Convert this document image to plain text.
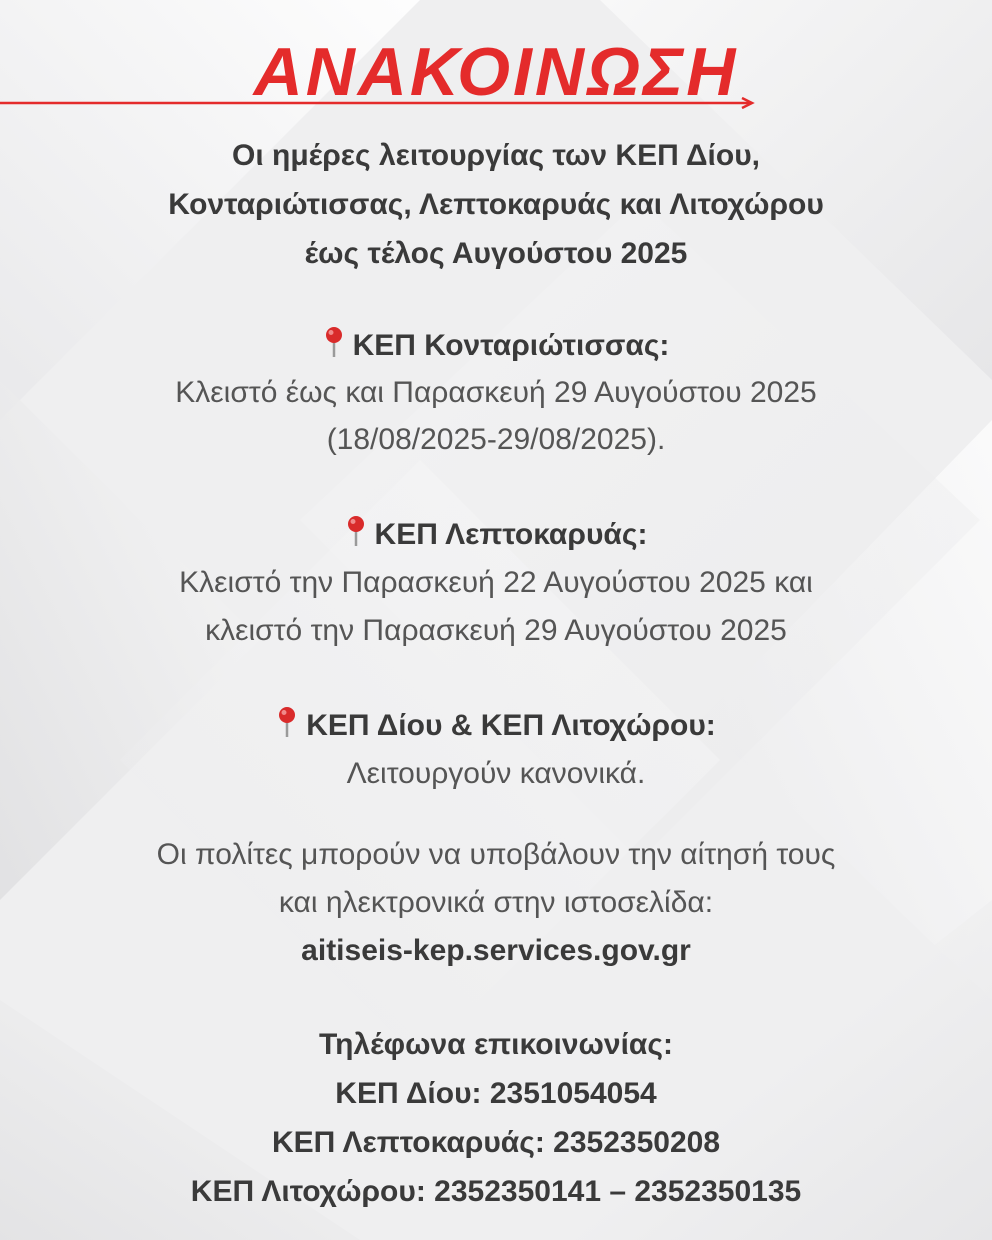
ΑΝΑΚΟΙΝΩΣΗ
Οι ημέρες λειτουργίας των ΚΕΠ Δίου,
Κονταριώτισσας, Λεπτοκαρυάς και Λιτοχώρου
έως τέλος Αυγούστου 2025
ΚΕΠ Κονταριώτισσας:
Κλειστό έως και Παρασκευή 29 Αυγούστου 2025
(18/08/2025-29/08/2025).
ΚΕΠ Λεπτοκαρυάς:
Κλειστό την Παρασκευή 22 Αυγούστου 2025 και
κλειστό την Παρασκευή 29 Αυγούστου 2025
ΚΕΠ Δίου & ΚΕΠ Λιτοχώρου:
Λειτουργούν κανονικά.
Οι πολίτες μπορούν να υποβάλουν την αίτησή τους
και ηλεκτρονικά στην ιστοσελίδα:
aitiseis-kep.services.gov.gr
Τηλέφωνα επικοινωνίας:
ΚΕΠ Δίου: 2351054054
ΚΕΠ Λεπτοκαρυάς: 2352350208
ΚΕΠ Λιτοχώρου: 2352350141 – 2352350135
